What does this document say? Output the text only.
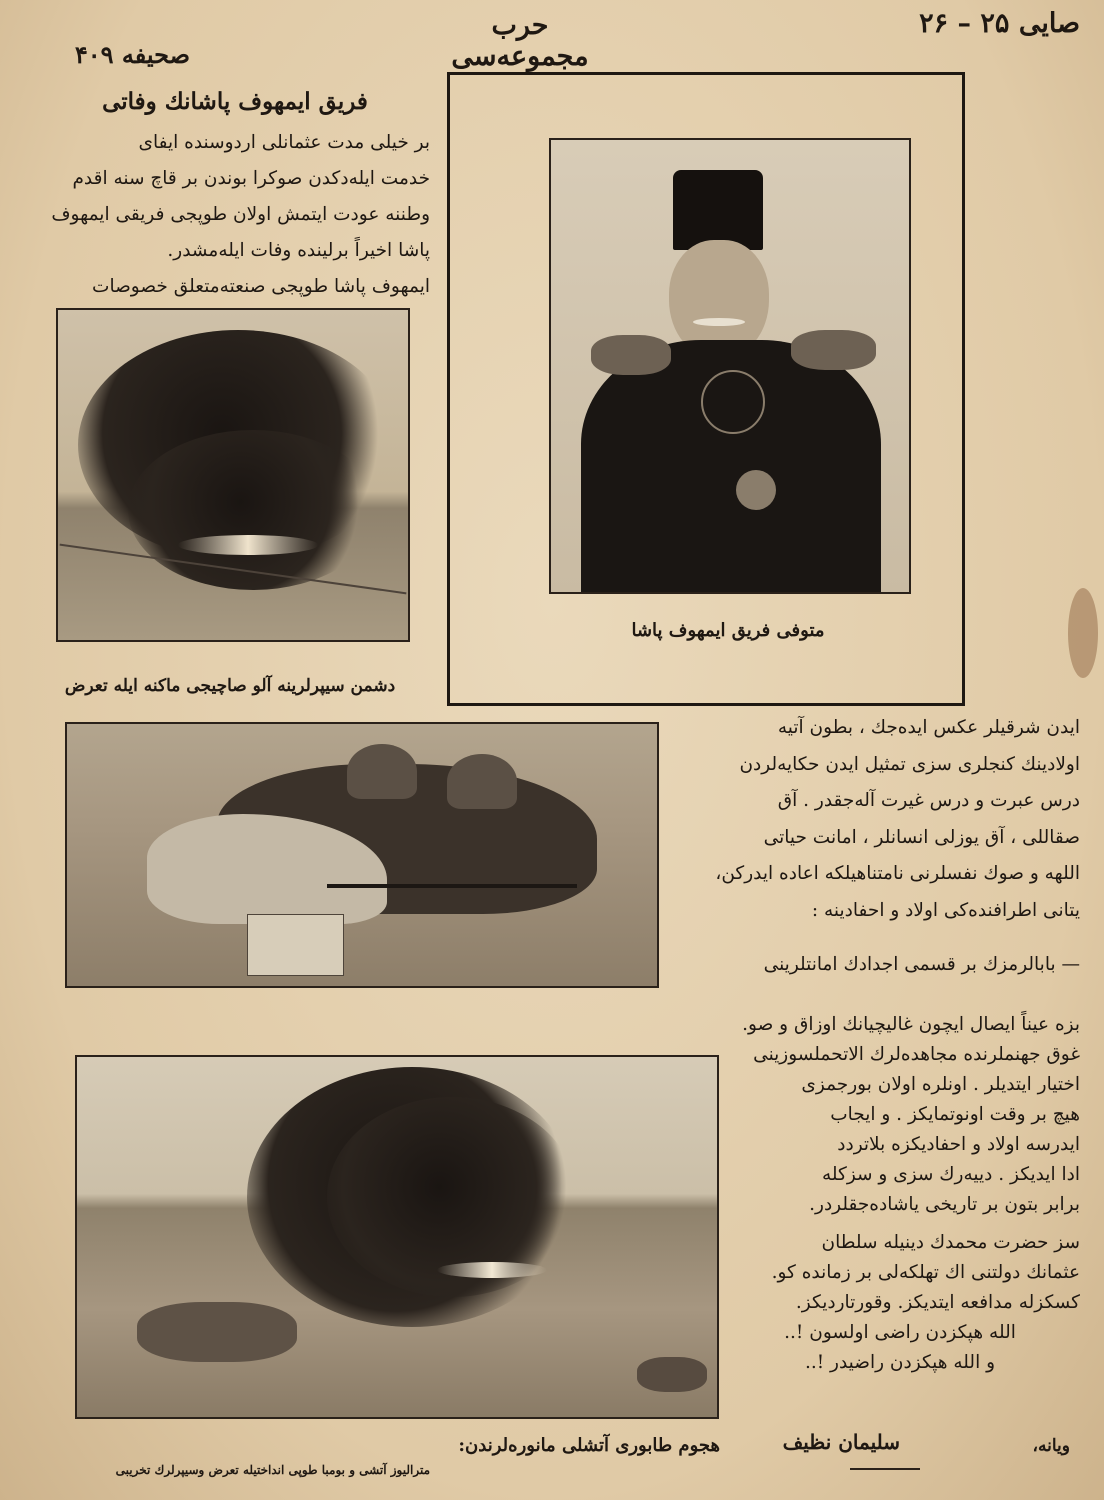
صحیفه ۴۰۹
حرب مجموعه‌سی
صایی ۲۵ – ۲۶
فریق ایمهوف پاشانك وفاتی

بر خیلی مدت عثمانلی اردوسنده ایفای

خدمت ایله‌دكدن صوكرا بوندن بر قاچ سنه اقدم

وطننه عودت ایتمش اولان طوپجی فریقی ایمهوف

پاشا اخیراً برلینده وفات ایله‌مشدر.

ایمهوف پاشا طوپجی صنعته‌متعلق خصوصات

دشمن سیپرلرینه آلو صاچیجی ماکنه ایله تعرض
متوفی فریق ایمهوف پاشا

ایدن شرقیلر عكس ایده‌جك ، بطون آتیه

اولادینك كنجلری سزی تمثیل ایدن حكایه‌لردن

درس عبرت و درس غیرت آله‌جقدر . آق

صقاللی ، آق یوزلی انسانلر ، امانت حیاتی

اللهه و صوك نفسلرنی نامتناهیلكه اعاده ایدركن،

یتانی اطرافنده‌كی اولاد و احفادینه :

— بابالرمزك بر قسمی اجدادك امانتلرینی

بزه عیناً ایصال ایچون غالیچیانك اوزاق و صو.

غوق جهنملرنده مجاهده‌لرك الاتحملسوزینی

اختیار ایتدیلر . اونلره اولان بورجمزی

هیچ بر وقت اونوتمایكز . و ایجاب

ایدرسه اولاد و احفادیكزه بلاتردد

ادا ایدیكز . دییه‌رك سزی و سزكله

برابر بتون بر تاریخی یاشاده‌جقلردر.

سز حضرت محمدك دینیله سلطان

عثمانك دولتنی اك تهلكه‌لی بر زمانده كو.

كسكزله مدافعه ایتدیكز. وقورتاردیكز.

الله هپكزدن راضی اولسون !..

و الله هپكزدن راضیدر !..

ویانه،
سلیمان نظیف
هجوم طابوری آتشلی مانوره‌لرندن:
مترالیوز آتشی و بومبا طوپی انداختیله تعرض وسیپرلرك تخریبی
